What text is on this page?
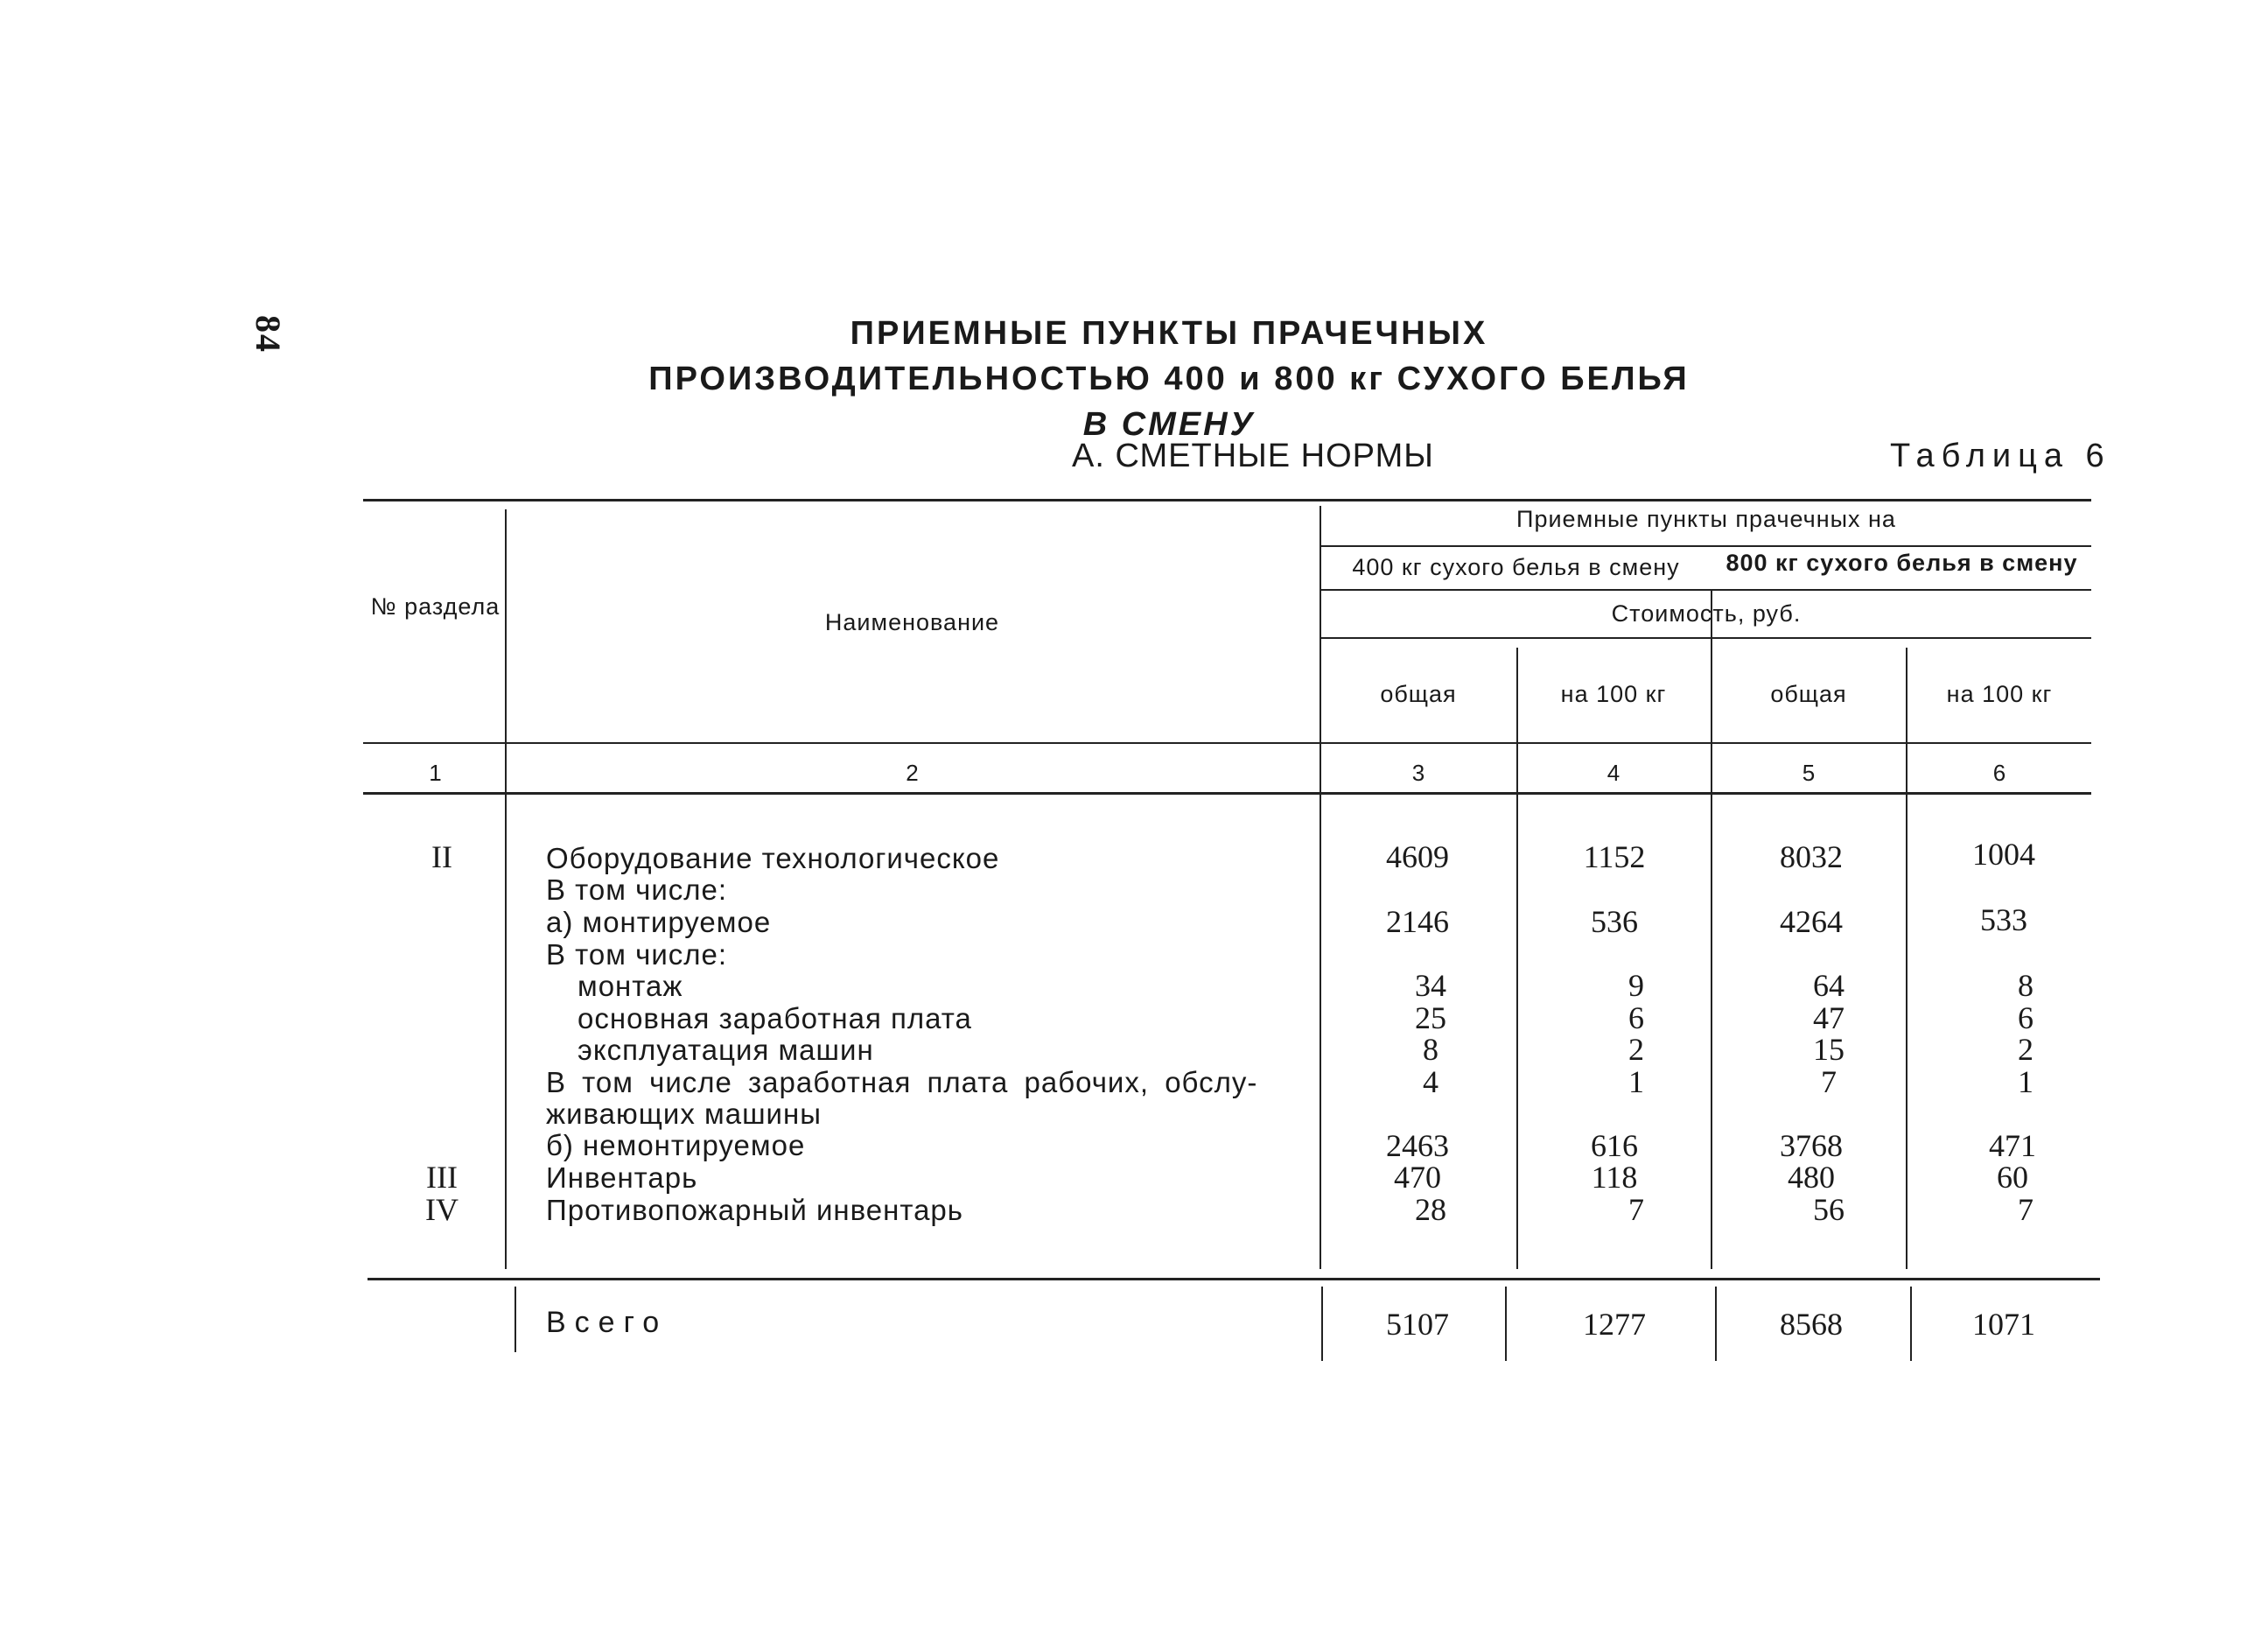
84	ПРИЕМНЫЕ ПУНКТЫ ПРАЧЕЧНЫХ
ПРОИЗВОДИТЕЛЬНОСТЬЮ 400 и 800 кг СУХОГО БЕЛЬЯ
В СМЕНУ
А. СМЕТНЫЕ НОРМЫ	Таблица 6
№ раздела
Наименование
Приемные пункты прачечных на
400 кг сухого белья в смену	800 кг сухого белья в смену
Стоимость, руб.
общая	на 100 кг	общая	на 100 кг
1	2	3	4	5	6
II	Оборудование технологическое	4609	1152	8032	1004
В том числе:
а) монтируемое	2146	536	4264	533
В том числе:
монтаж	34	9	64	8
основная заработная плата	25	6	47	6
эксплуатация машин	8	2	15	2
В том числе заработная плата рабочих, обслу-	4	1	7	1
живающих машины
б) немонтируемое	2463	616	3768	471
III	Инвентарь	470	118	480	60
IV	Противопожарный инвентарь	28	7	56	7
Всего	5107	1277	8568	1071
